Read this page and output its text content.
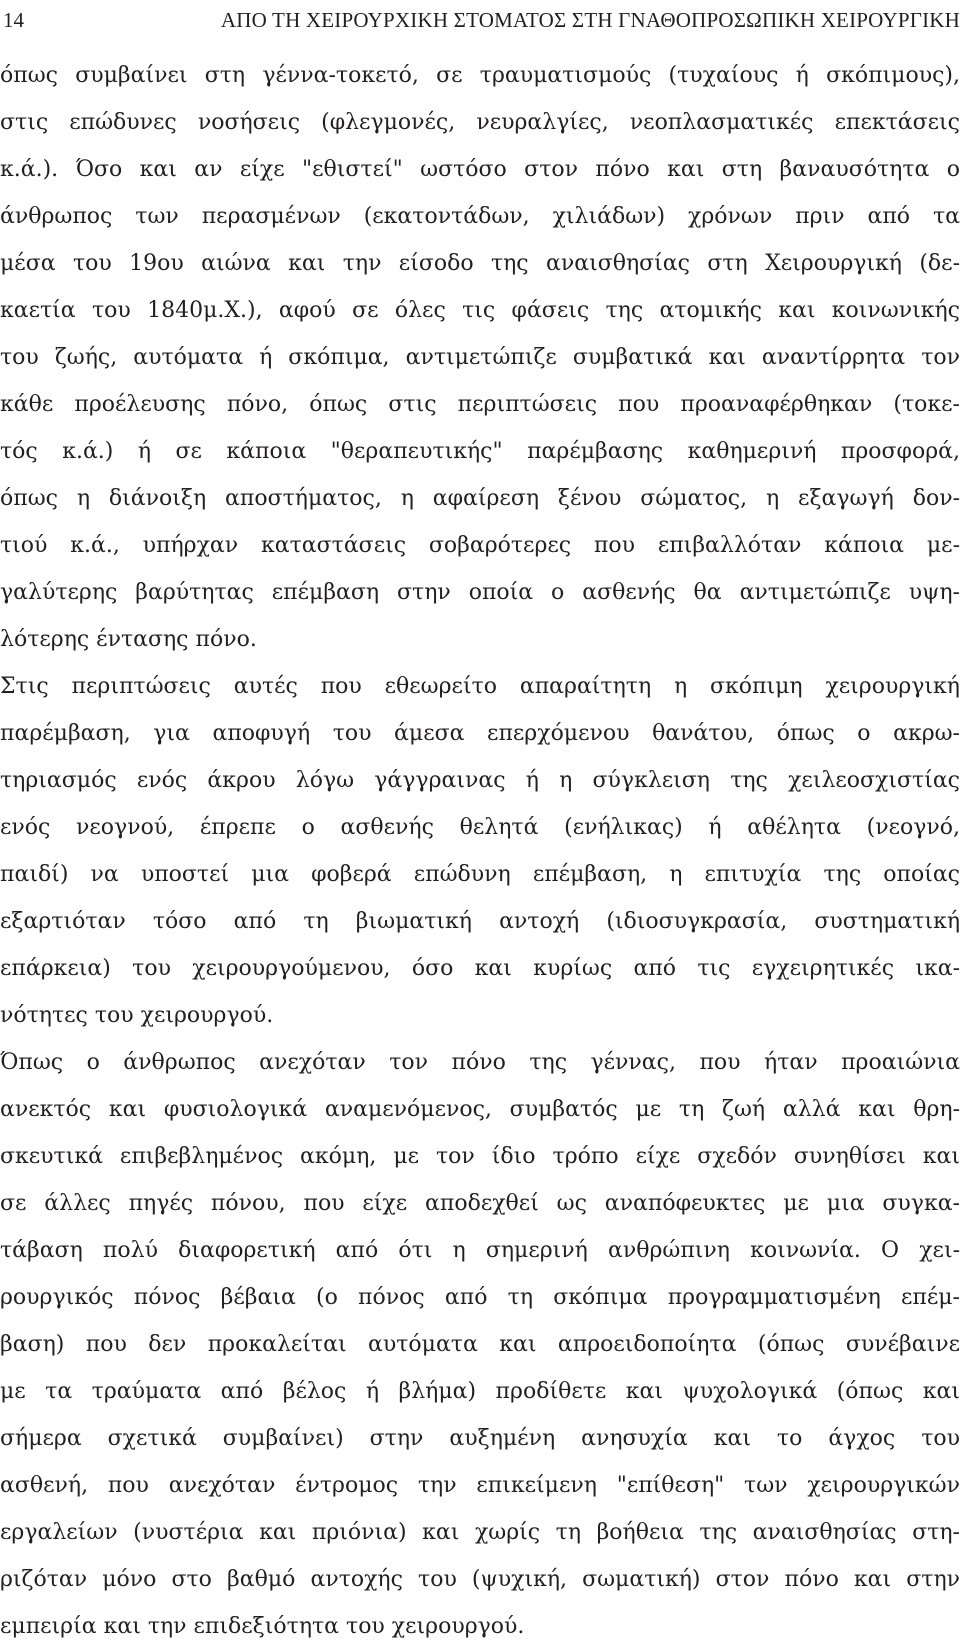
14	ΑΠΟ ΤΗ ΧΕΙΡΟΥΡΧΙΚΗ ΣΤΟΜΑΤΟΣ ΣΤΗ ΓΝΑΘΟΠΡΟΣΩΠΙΚΗ ΧΕΙΡΟΥΡΓΙΚΗ
όπως συμβαίνει στη γέννα-τοκετό, σε τραυματισμούς (τυχαίους ή σκόπιμους),
στις επώδυνες νοσήσεις (φλεγμονές, νευραλγίες, νεοπλασματικές επεκτάσεις
κ.ά.). Όσο και αν είχε "εθιστεί" ωστόσο στον πόνο και στη βαναυσότητα ο
άνθρωπος των περασμένων (εκατοντάδων, χιλιάδων) χρόνων πριν από τα
μέσα του 19ου αιώνα και την είσοδο της αναισθησίας στη Χειρουργική (δε-
καετία του 1840μ.Χ.), αφού σε όλες τις φάσεις της ατομικής και κοινωνικής
του ζωής, αυτόματα ή σκόπιμα, αντιμετώπιζε συμβατικά και αναντίρρητα τον
κάθε προέλευσης πόνο, όπως στις περιπτώσεις που προαναφέρθηκαν (τοκε-
τός κ.ά.) ή σε κάποια "θεραπευτικής" παρέμβασης καθημερινή προσφορά,
όπως η διάνοιξη αποστήματος, η αφαίρεση ξένου σώματος, η εξαγωγή δον-
τιού κ.ά., υπήρχαν καταστάσεις σοβαρότερες που επιβαλλόταν κάποια με-
γαλύτερης βαρύτητας επέμβαση στην οποία ο ασθενής θα αντιμετώπιζε υψη-
λότερης έντασης πόνο.
Στις περιπτώσεις αυτές που εθεωρείτο απαραίτητη η σκόπιμη χειρουργική
παρέμβαση, για αποφυγή του άμεσα επερχόμενου θανάτου, όπως ο ακρω-
τηριασμός ενός άκρου λόγω γάγγραινας ή η σύγκλειση της χειλεοσχιστίας
ενός νεογνού, έπρεπε ο ασθενής θελητά (ενήλικας) ή αθέλητα (νεογνό,
παιδί) να υποστεί μια φοβερά επώδυνη επέμβαση, η επιτυχία της οποίας
εξαρτιόταν τόσο από τη βιωματική αντοχή (ιδιοσυγκρασία, συστηματική
επάρκεια) του χειρουργούμενου, όσο και κυρίως από τις εγχειρητικές ικα-
νότητες του χειρουργού.
Όπως ο άνθρωπος ανεχόταν τον πόνο της γέννας, που ήταν προαιώνια
ανεκτός και φυσιολογικά αναμενόμενος, συμβατός με τη ζωή αλλά και θρη-
σκευτικά επιβεβλημένος ακόμη, με τον ίδιο τρόπο είχε σχεδόν συνηθίσει και
σε άλλες πηγές πόνου, που είχε αποδεχθεί ως αναπόφευκτες με μια συγκα-
τάβαση πολύ διαφορετική από ότι η σημερινή ανθρώπινη κοινωνία. Ο χει-
ρουργικός πόνος βέβαια (ο πόνος από τη σκόπιμα προγραμματισμένη επέμ-
βαση) που δεν προκαλείται αυτόματα και απροειδοποίητα (όπως συνέβαινε
με τα τραύματα από βέλος ή βλήμα) προδίθετε και ψυχολογικά (όπως και
σήμερα σχετικά συμβαίνει) στην αυξημένη ανησυχία και το άγχος του
ασθενή, που ανεχόταν έντρομος την επικείμενη "επίθεση" των χειρουργικών
εργαλείων (νυστέρια και πριόνια) και χωρίς τη βοήθεια της αναισθησίας στη-
ριζόταν μόνο στο βαθμό αντοχής του (ψυχική, σωματική) στον πόνο και στην
εμπειρία και την επιδεξιότητα του χειρουργού.
